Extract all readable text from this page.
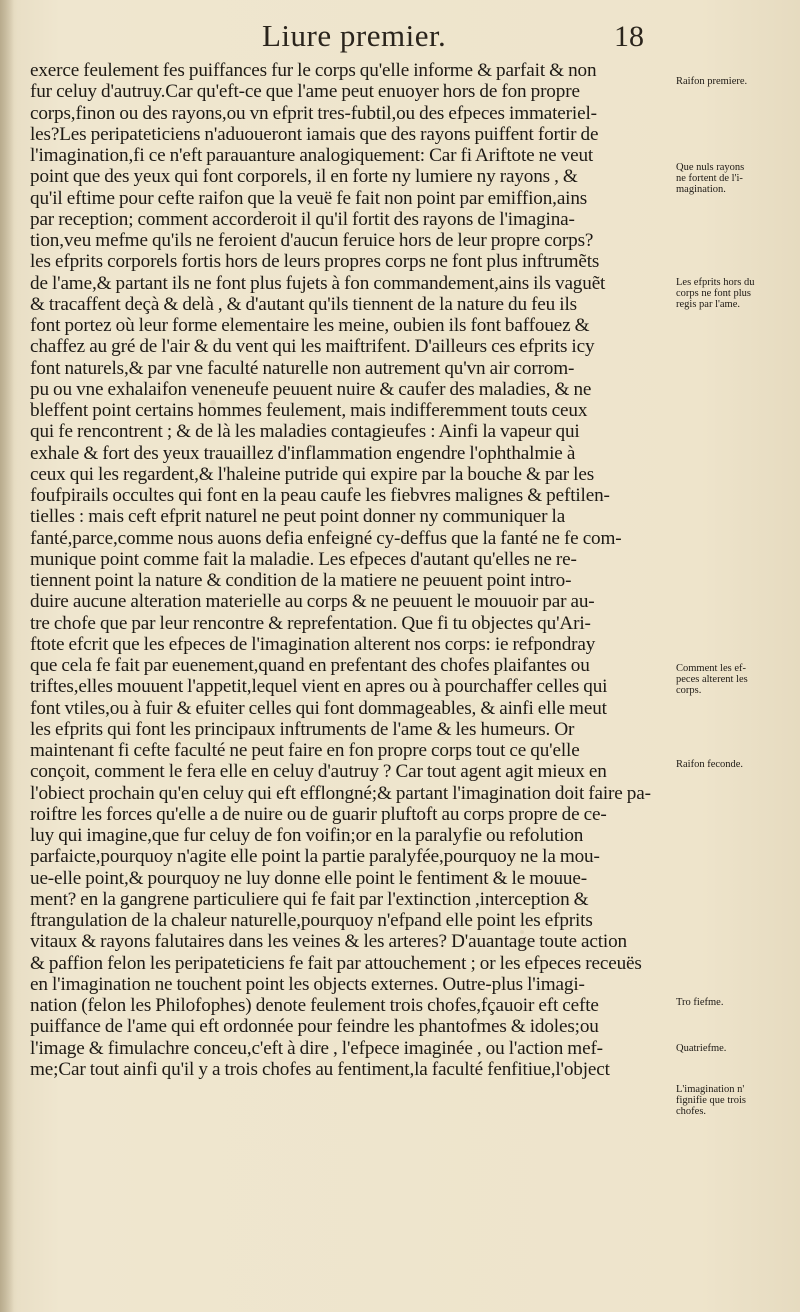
Liure premier.	18
exerce feulement fes puiffances fur le corps qu'elle informe & parfait & non
fur celuy d'autruy.Car qu'eft-ce que l'ame peut enuoyer hors de fon propre
corps,finon ou des rayons,ou vn efprit tres-fubtil,ou des efpeces immateriel-
les?Les peripateticiens n'aduoueront iamais que des rayons puiffent fortir de
l'imagination,fi ce n'eft parauanture analogiquement: Car fi Ariftote ne veut
point que des yeux qui font corporels, il en forte ny lumiere ny rayons , &
qu'il eftime pour cefte raifon que la veuë fe fait non point par emiffion,ains
par reception; comment accorderoit il qu'il fortit des rayons de l'imagina-
tion,veu mefme qu'ils ne feroient d'aucun feruice hors de leur propre corps?
les efprits corporels fortis hors de leurs propres corps ne font plus inftrumẽts
de l'ame,& partant ils ne font plus fujets à fon commandement,ains ils vaguẽt
& tracaffent deçà & delà , & d'autant qu'ils tiennent de la nature du feu ils
font portez où leur forme elementaire les meine, oubien ils font baffouez &
chaffez au gré de l'air & du vent qui les maiftrifent. D'ailleurs ces efprits icy
font naturels,& par vne faculté naturelle non autrement qu'vn air corrom-
pu ou vne exhalaifon veneneufe peuuent nuire & caufer des maladies, & ne
bleffent point certains hommes feulement, mais indifferemment touts ceux
qui fe rencontrent ; & de là les maladies contagieufes : Ainfi la vapeur qui
exhale & fort des yeux trauaillez d'inflammation engendre l'ophthalmie à
ceux qui les regardent,& l'haleine putride qui expire par la bouche & par les
foufpirails occultes qui font en la peau caufe les fiebvres malignes & peftilen-
tielles : mais ceft efprit naturel ne peut point donner ny communiquer la
fanté,parce,comme nous auons defia enfeigné cy-deffus que la fanté ne fe com-
munique point comme fait la maladie. Les efpeces d'autant qu'elles ne re-
tiennent point la nature & condition de la matiere ne peuuent point intro-
duire aucune alteration materielle au corps & ne peuuent le mouuoir par au-
tre chofe que par leur rencontre & reprefentation. Que fi tu objectes qu'Ari-
ftote efcrit que les efpeces de l'imagination alterent nos corps: ie refpondray
que cela fe fait par euenement,quand en prefentant des chofes plaifantes ou
triftes,elles mouuent l'appetit,lequel vient en apres ou à pourchaffer celles qui
font vtiles,ou à fuir & efuiter celles qui font dommageables, & ainfi elle meut
les efprits qui font les principaux inftruments de l'ame & les humeurs. Or
maintenant fi cefte faculté ne peut faire en fon propre corps tout ce qu'elle
conçoit, comment le fera elle en celuy d'autruy ? Car tout agent agit mieux en
l'obiect prochain qu'en celuy qui eft efflongné;& partant l'imagination doit faire pa-
roiftre les forces qu'elle a de nuire ou de guarir pluftoft au corps propre de ce-
luy qui imagine,que fur celuy de fon voifin;or en la paralyfie ou refolution
parfaicte,pourquoy n'agite elle point la partie paralyfée,pourquoy ne la mou-
ue-elle point,& pourquoy ne luy donne elle point le fentiment & le mouue-
ment? en la gangrene particuliere qui fe fait par l'extinction ,interception &
ftrangulation de la chaleur naturelle,pourquoy n'efpand elle point les efprits
vitaux & rayons falutaires dans les veines & les arteres? D'auantage toute action
& paffion felon les peripateticiens fe fait par attouchement ; or les efpeces receuës
en l'imagination ne touchent point les objects externes. Outre-plus l'imagi-
nation (felon les Philofophes) denote feulement trois chofes,fçauoir eft cefte
puiffance de l'ame qui eft ordonnée pour feindre les phantofmes & idoles;ou
l'image & fimulachre conceu,c'eft à dire , l'efpece imaginée , ou l'action mef-
me;Car tout ainfi qu'il y a trois chofes au fentiment,la faculté fenfitiue,l'object
Raifon premiere.
Que nuls rayons
ne fortent de l'i-
magination.
Les efprits hors du
corps ne font plus
regis par l'ame.
Comment les ef-
peces alterent les
corps.
Raifon feconde.
Tro fiefme.
Quatriefme.
L'imagination n'
fignifie que trois
chofes.
